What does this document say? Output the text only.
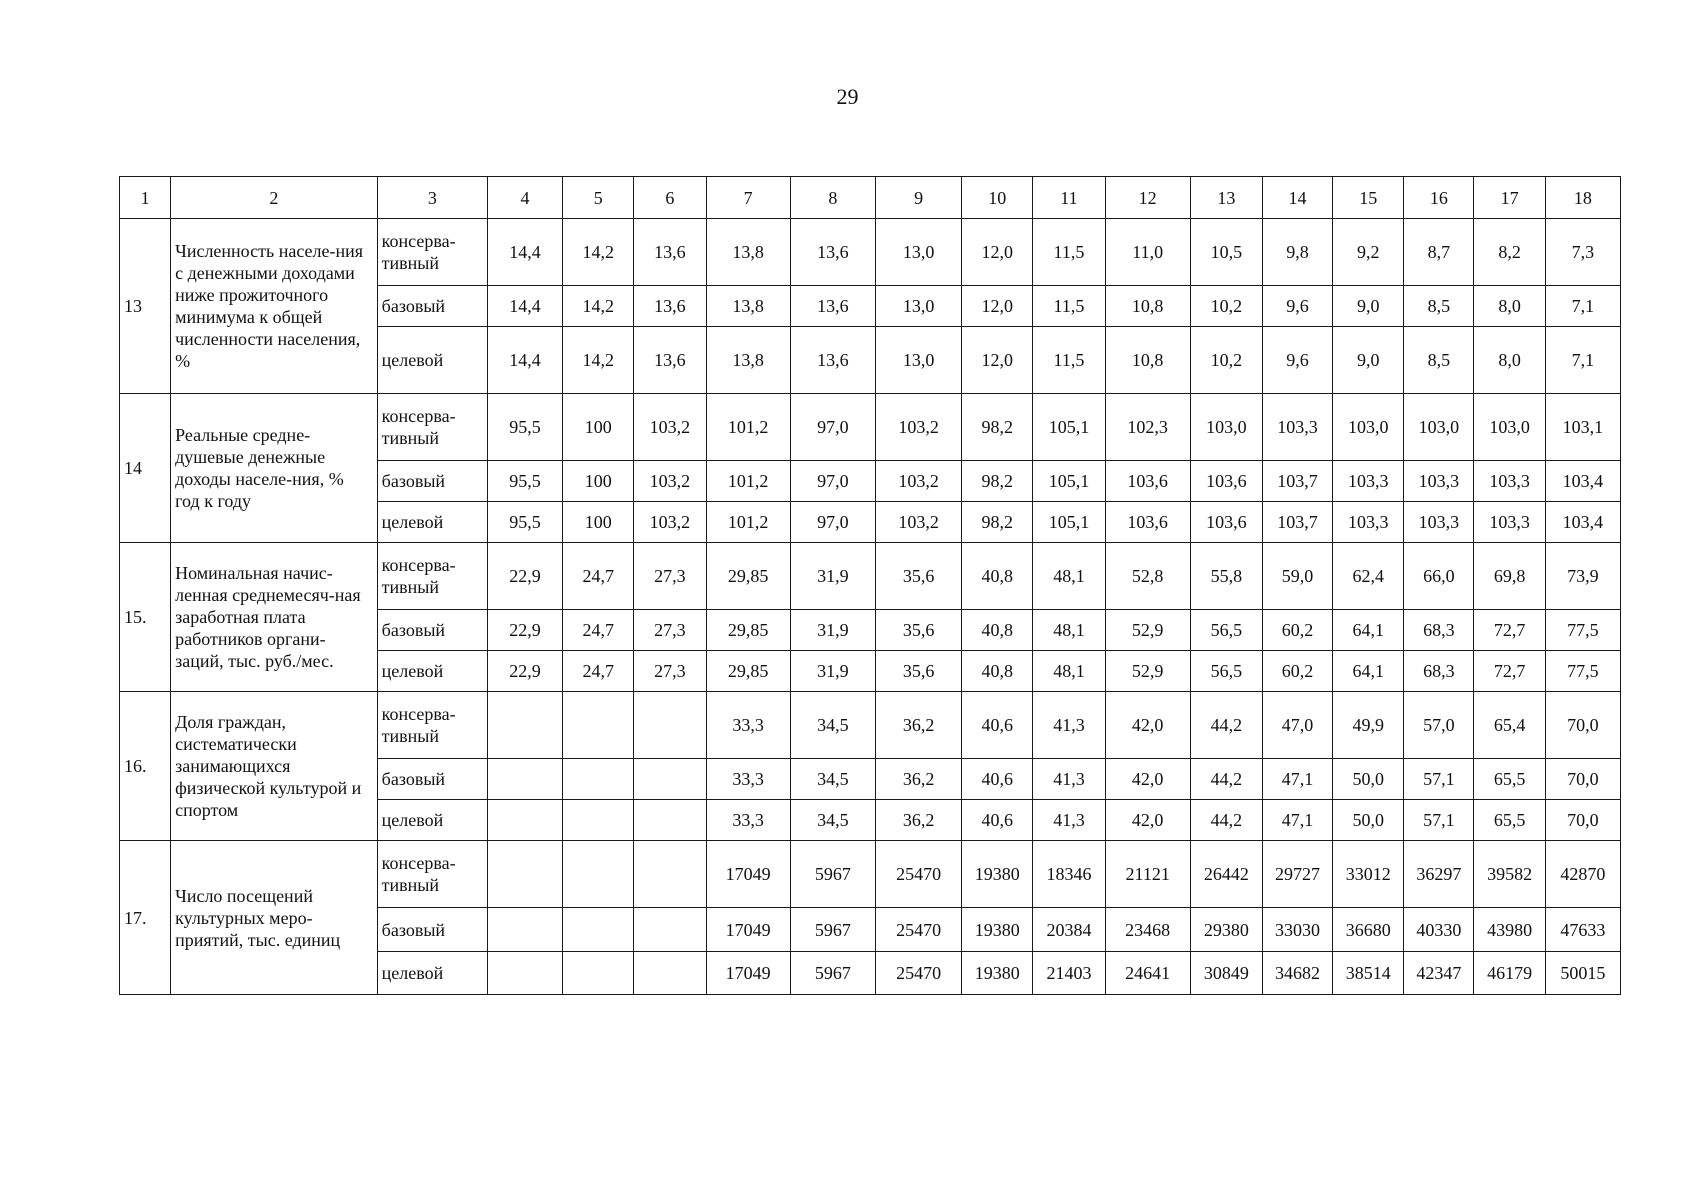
29
1	2	3	4	5	6	7	8	9	10	11	12	13	14	15	16	17	18
13	Численность населе-ния с денежными доходами ниже прожиточного минимума к общей численности населения, %	консерва-тивный	14,4	14,2	13,6	13,8	13,6	13,0	12,0	11,5	11,0	10,5	9,8	9,2	8,7	8,2	7,3
		базовый	14,4	14,2	13,6	13,8	13,6	13,0	12,0	11,5	10,8	10,2	9,6	9,0	8,5	8,0	7,1
		целевой	14,4	14,2	13,6	13,8	13,6	13,0	12,0	11,5	10,8	10,2	9,6	9,0	8,5	8,0	7,1
14	Реальные средне-душевые денежные доходы населе-ния, % год к году	консерва-тивный	95,5	100	103,2	101,2	97,0	103,2	98,2	105,1	102,3	103,0	103,3	103,0	103,0	103,0	103,1
		базовый	95,5	100	103,2	101,2	97,0	103,2	98,2	105,1	103,6	103,6	103,7	103,3	103,3	103,3	103,4
		целевой	95,5	100	103,2	101,2	97,0	103,2	98,2	105,1	103,6	103,6	103,7	103,3	103,3	103,3	103,4
15.	Номинальная начис-ленная среднемесяч-ная заработная плата работников органи-заций, тыс. руб./мес.	консерва-тивный	22,9	24,7	27,3	29,85	31,9	35,6	40,8	48,1	52,8	55,8	59,0	62,4	66,0	69,8	73,9
		базовый	22,9	24,7	27,3	29,85	31,9	35,6	40,8	48,1	52,9	56,5	60,2	64,1	68,3	72,7	77,5
		целевой	22,9	24,7	27,3	29,85	31,9	35,6	40,8	48,1	52,9	56,5	60,2	64,1	68,3	72,7	77,5
16.	Доля граждан, систематически занимающихся физической культурой и спортом	консерва-тивный				33,3	34,5	36,2	40,6	41,3	42,0	44,2	47,0	49,9	57,0	65,4	70,0
		базовый				33,3	34,5	36,2	40,6	41,3	42,0	44,2	47,1	50,0	57,1	65,5	70,0
		целевой				33,3	34,5	36,2	40,6	41,3	42,0	44,2	47,1	50,0	57,1	65,5	70,0
17.	Число посещений культурных меро-приятий, тыс. единиц	консерва-тивный				17049	5967	25470	19380	18346	21121	26442	29727	33012	36297	39582	42870
		базовый				17049	5967	25470	19380	20384	23468	29380	33030	36680	40330	43980	47633
		целевой				17049	5967	25470	19380	21403	24641	30849	34682	38514	42347	46179	50015
